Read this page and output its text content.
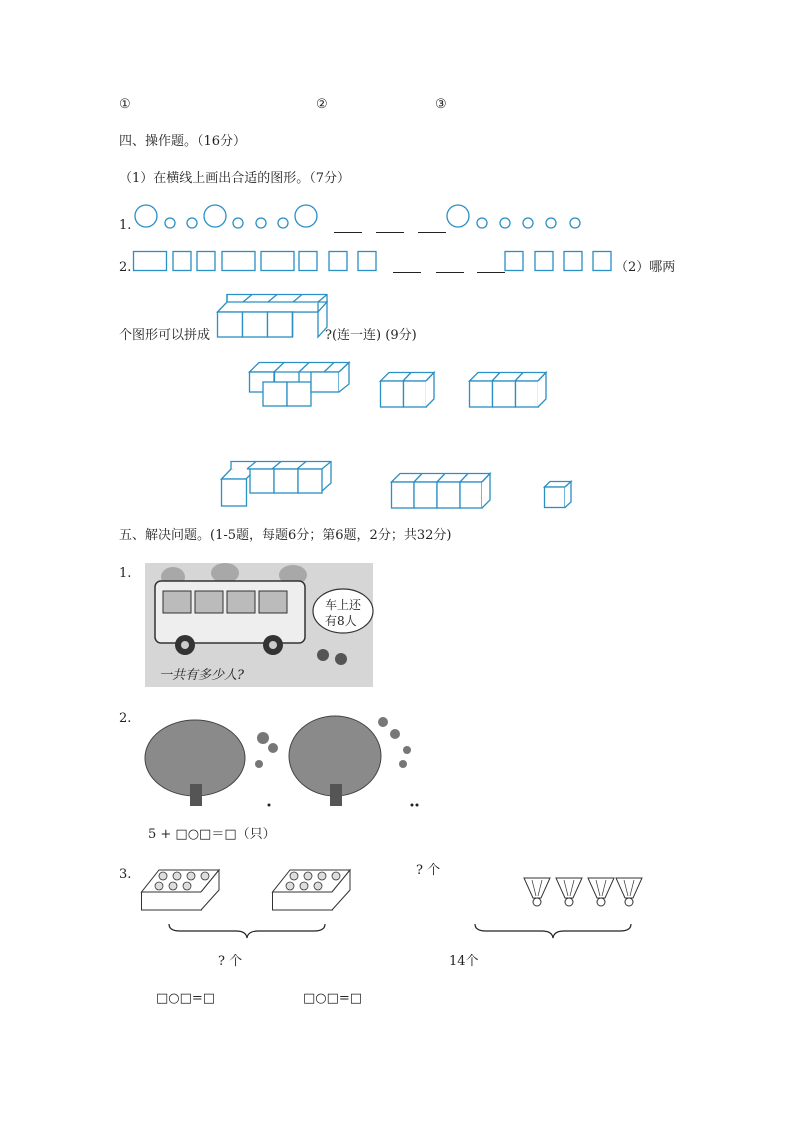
①	②	③
四、操作题。（16分）
（1）在横线上画出合适的图形。（7分）
1.
2.	（2）哪两
个图形可以拼成	?(连一连) (9分)
五、解决问题。(1-5题，每题6分；第6题，2分；共32分)
1.
车上还
有8人
一共有多少人?
2.
5 + □○□＝□（只）
3.
? 个
? 个
14个
□○□=□	□○□=□
